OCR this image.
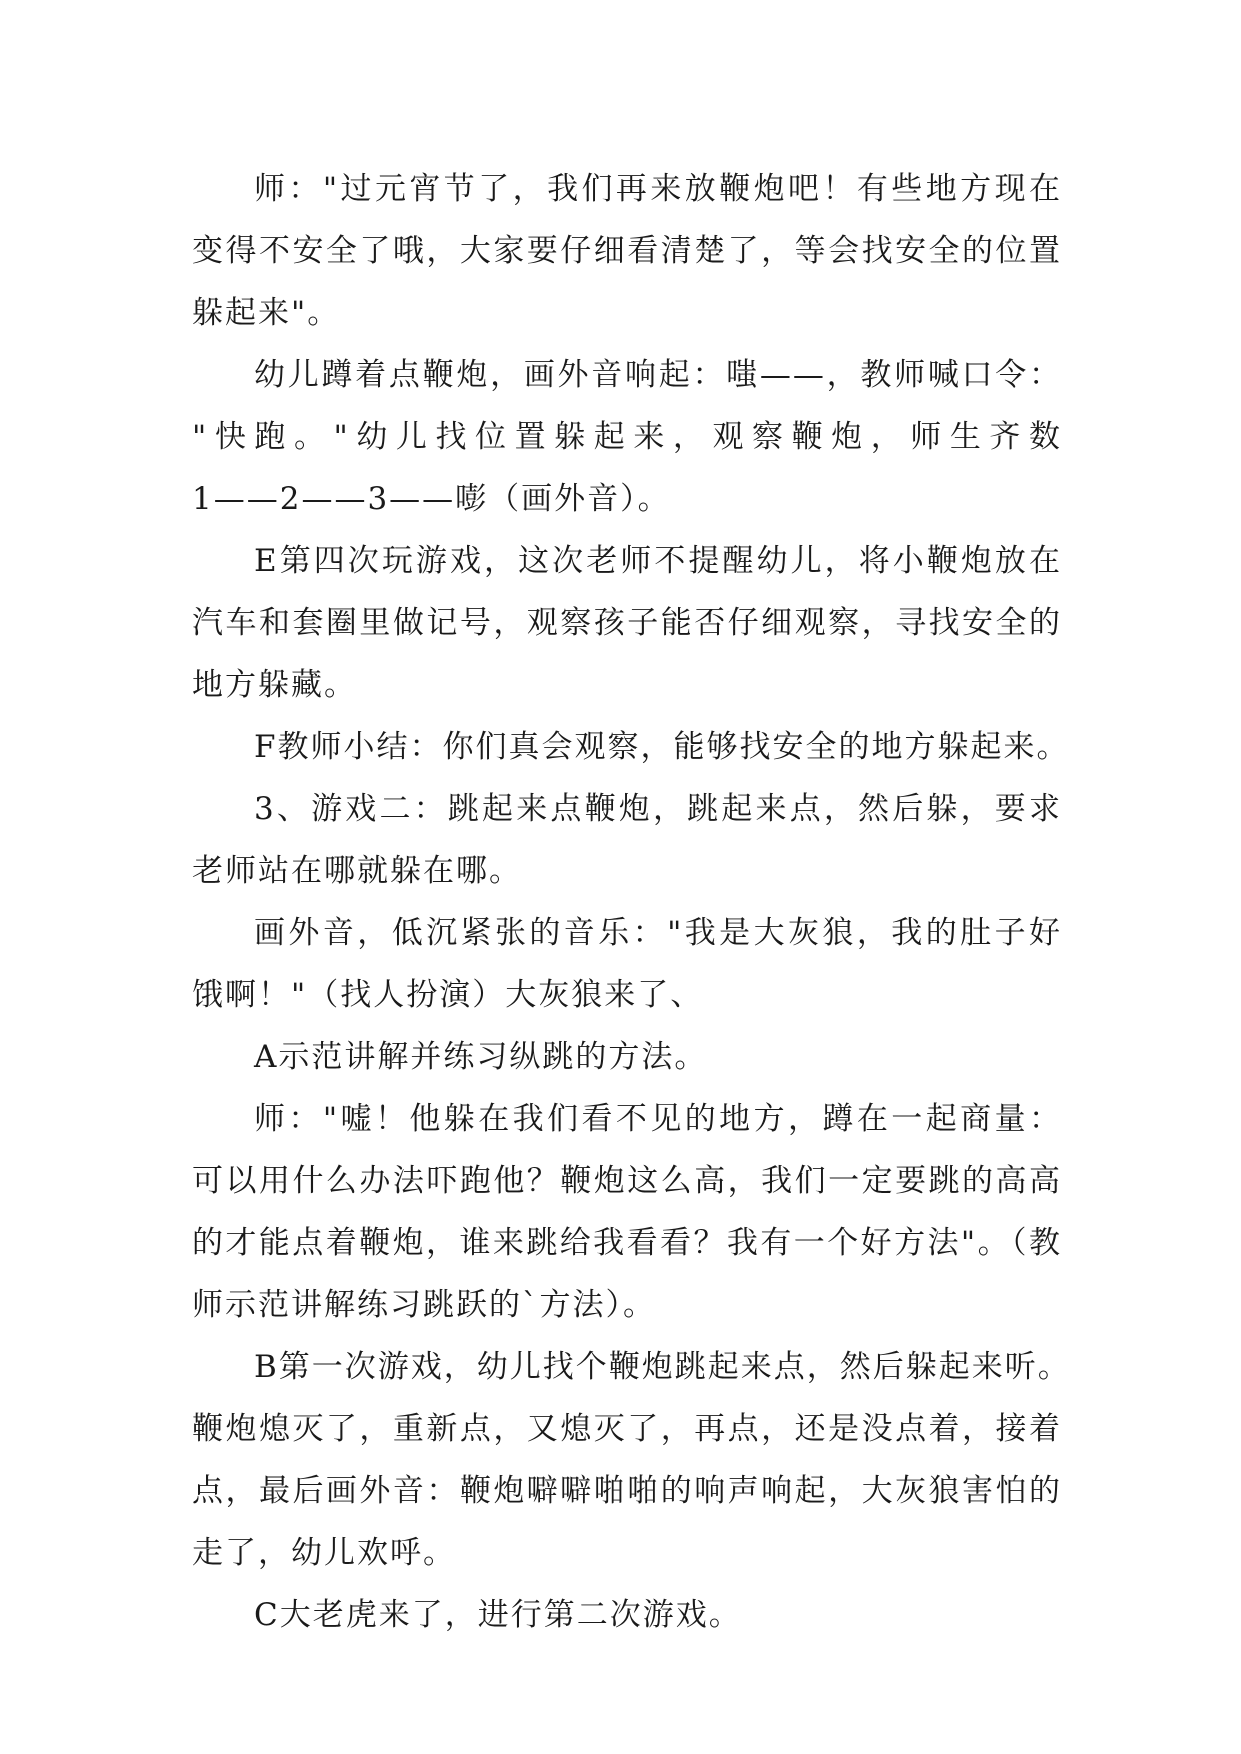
师："过元宵节了，我们再来放鞭炮吧！有些地方现在
变得不安全了哦，大家要仔细看清楚了，等会找安全的位置
躲起来"。
幼儿蹲着点鞭炮，画外音响起：嗤——，教师喊口令：
"快跑。"幼儿找位置躲起来，观察鞭炮，师生齐数
1——2——3——嘭（画外音）。
E第四次玩游戏，这次老师不提醒幼儿，将小鞭炮放在
汽车和套圈里做记号，观察孩子能否仔细观察，寻找安全的
地方躲藏。
F教师小结：你们真会观察，能够找安全的地方躲起来。
3、游戏二：跳起来点鞭炮，跳起来点，然后躲，要求
老师站在哪就躲在哪。
画外音，低沉紧张的音乐："我是大灰狼，我的肚子好
饿啊！"（找人扮演）大灰狼来了、
A示范讲解并练习纵跳的方法。
师："嘘！他躲在我们看不见的地方，蹲在一起商量：
可以用什么办法吓跑他？鞭炮这么高，我们一定要跳的高高
的才能点着鞭炮，谁来跳给我看看？我有一个好方法"。（教
师示范讲解练习跳跃的`方法）。
B第一次游戏，幼儿找个鞭炮跳起来点，然后躲起来听。
鞭炮熄灭了，重新点，又熄灭了，再点，还是没点着，接着
点，最后画外音：鞭炮噼噼啪啪的响声响起，大灰狼害怕的
走了，幼儿欢呼。
C大老虎来了，进行第二次游戏。
